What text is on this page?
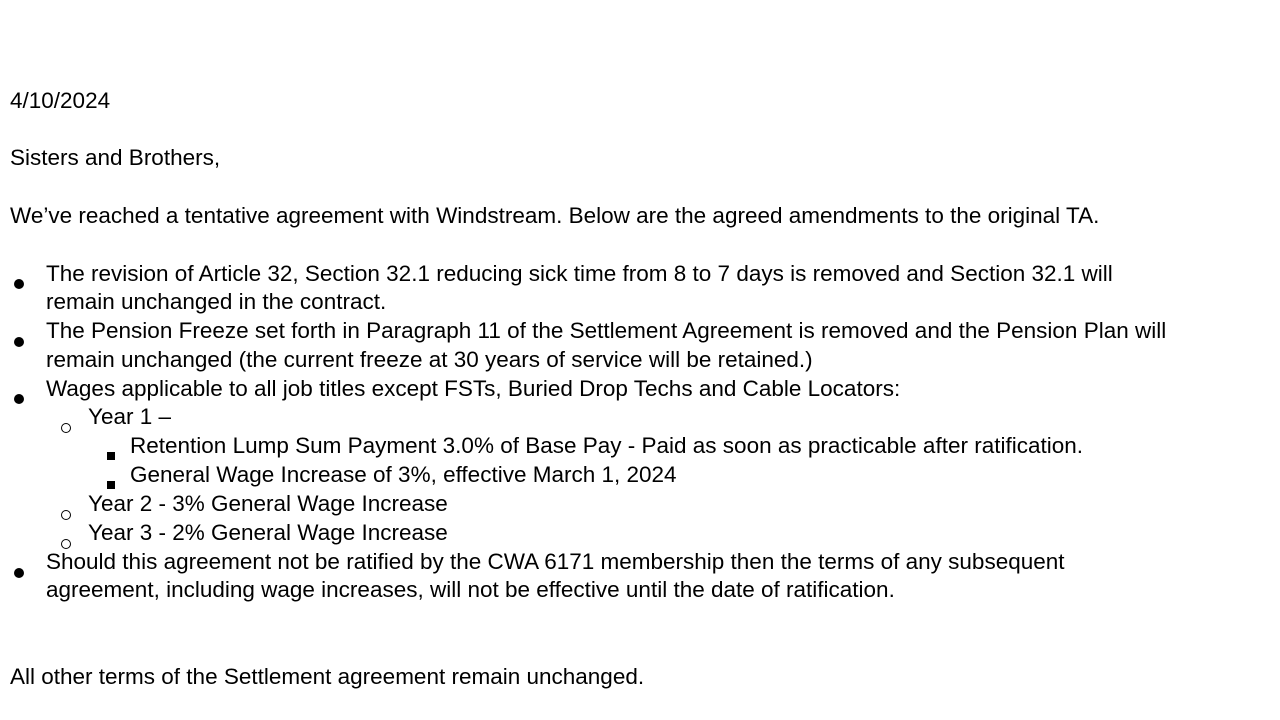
4/10/2024
Sisters and Brothers,
We’ve reached a tentative agreement with Windstream. Below are the agreed amendments to the original TA.
The revision of Article 32, Section 32.1 reducing sick time from 8 to 7 days is removed and Section 32.1 will
remain unchanged in the contract.
The Pension Freeze set forth in Paragraph 11 of the Settlement Agreement is removed and the Pension Plan will
remain unchanged (the current freeze at 30 years of service will be retained.)
Wages applicable to all job titles except FSTs, Buried Drop Techs and Cable Locators:
Year 1 –
Retention Lump Sum Payment 3.0% of Base Pay - Paid as soon as practicable after ratification.
General Wage Increase of 3%, effective March 1, 2024
Year 2 - 3% General Wage Increase
Year 3 - 2% General Wage Increase
Should this agreement not be ratified by the CWA 6171 membership then the terms of any subsequent
agreement, including wage increases, will not be effective until the date of ratification.
All other terms of the Settlement agreement remain unchanged.
